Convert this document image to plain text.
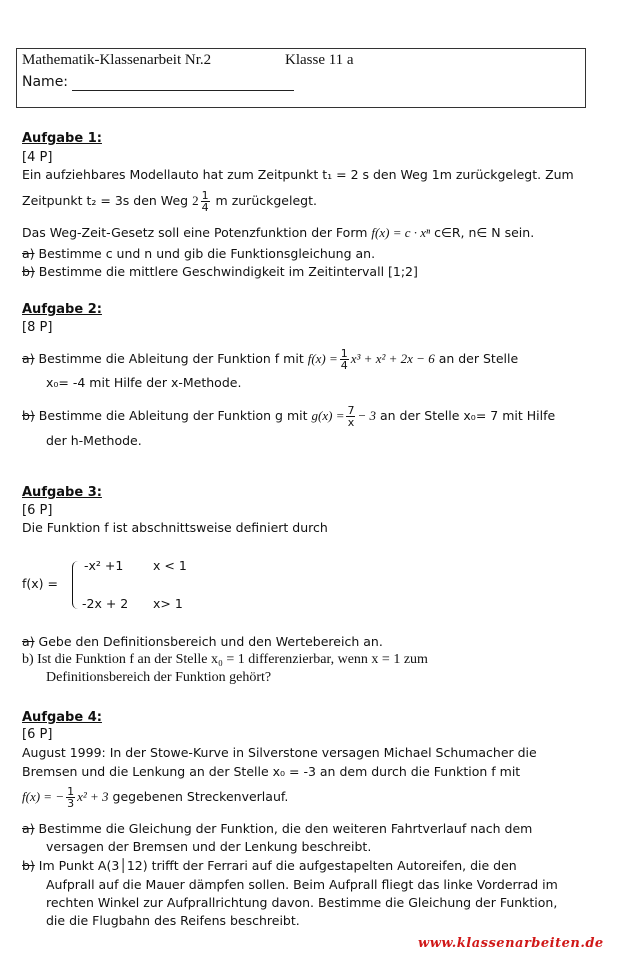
Mathematik-Klassenarbeit Nr.2	Klasse 11 a
Name:
Aufgabe 1:
[4 P]
Ein aufziehbares Modellauto hat zum Zeitpunkt t₁ = 2 s den Weg 1m zurückgelegt. Zum
Zeitpunkt t₂ = 3s den Weg $2 \frac{1}{4}$ m zurückgelegt.
Das Weg-Zeit-Gesetz soll eine Potenzfunktion der Form f(x) = c · xⁿ c∈R, n∈ N sein.
a) Bestimme c und n und gib die Funktionsgleichung an.
b) Bestimme die mittlere Geschwindigkeit im Zeitintervall [1;2]
Aufgabe 2:
[8 P]
a) Bestimme die Ableitung der Funktion f mit $f(x) = \frac{1}{4} x^3 + x^2 + 2x - 6$ an der Stelle
x₀= -4 mit Hilfe der x-Methode.
b) Bestimme die Ableitung der Funktion g mit $g(x) = \frac{7}{x} - 3$ an der Stelle x₀= 7 mit Hilfe
der h-Methode.
Aufgabe 3:
[6 P]
Die Funktion f ist abschnittsweise definiert durch
f(x) =
-x² +1 x < 1
-2x + 2 x> 1
a) Gebe den Definitionsbereich und den Wertebereich an.
b) Ist die Funktion f an der Stelle x₀ = 1 differenzierbar, wenn x = 1 zum
Definitionsbereich der Funktion gehört?
Aufgabe 4:
[6 P]
August 1999: In der Stowe-Kurve in Silverstone versagen Michael Schumacher die
Bremsen und die Lenkung an der Stelle x₀ = -3 an dem durch die Funktion f mit
f(x) = − $\frac{1}{3} x^2 + 3$ gegebenen Streckenverlauf.
a) Bestimme die Gleichung der Funktion, die den weiteren Fahrtverlauf nach dem
versagen der Bremsen und der Lenkung beschreibt.
b) Im Punkt A(3│12) trifft der Ferrari auf die aufgestapelten Autoreifen, die den
Aufprall auf die Mauer dämpfen sollen. Beim Aufprall fliegt das linke Vorderrad im
rechten Winkel zur Aufprallrichtung davon. Bestimme die Gleichung der Funktion,
die die Flugbahn des Reifens beschreibt.
www.klassenarbeiten.de
